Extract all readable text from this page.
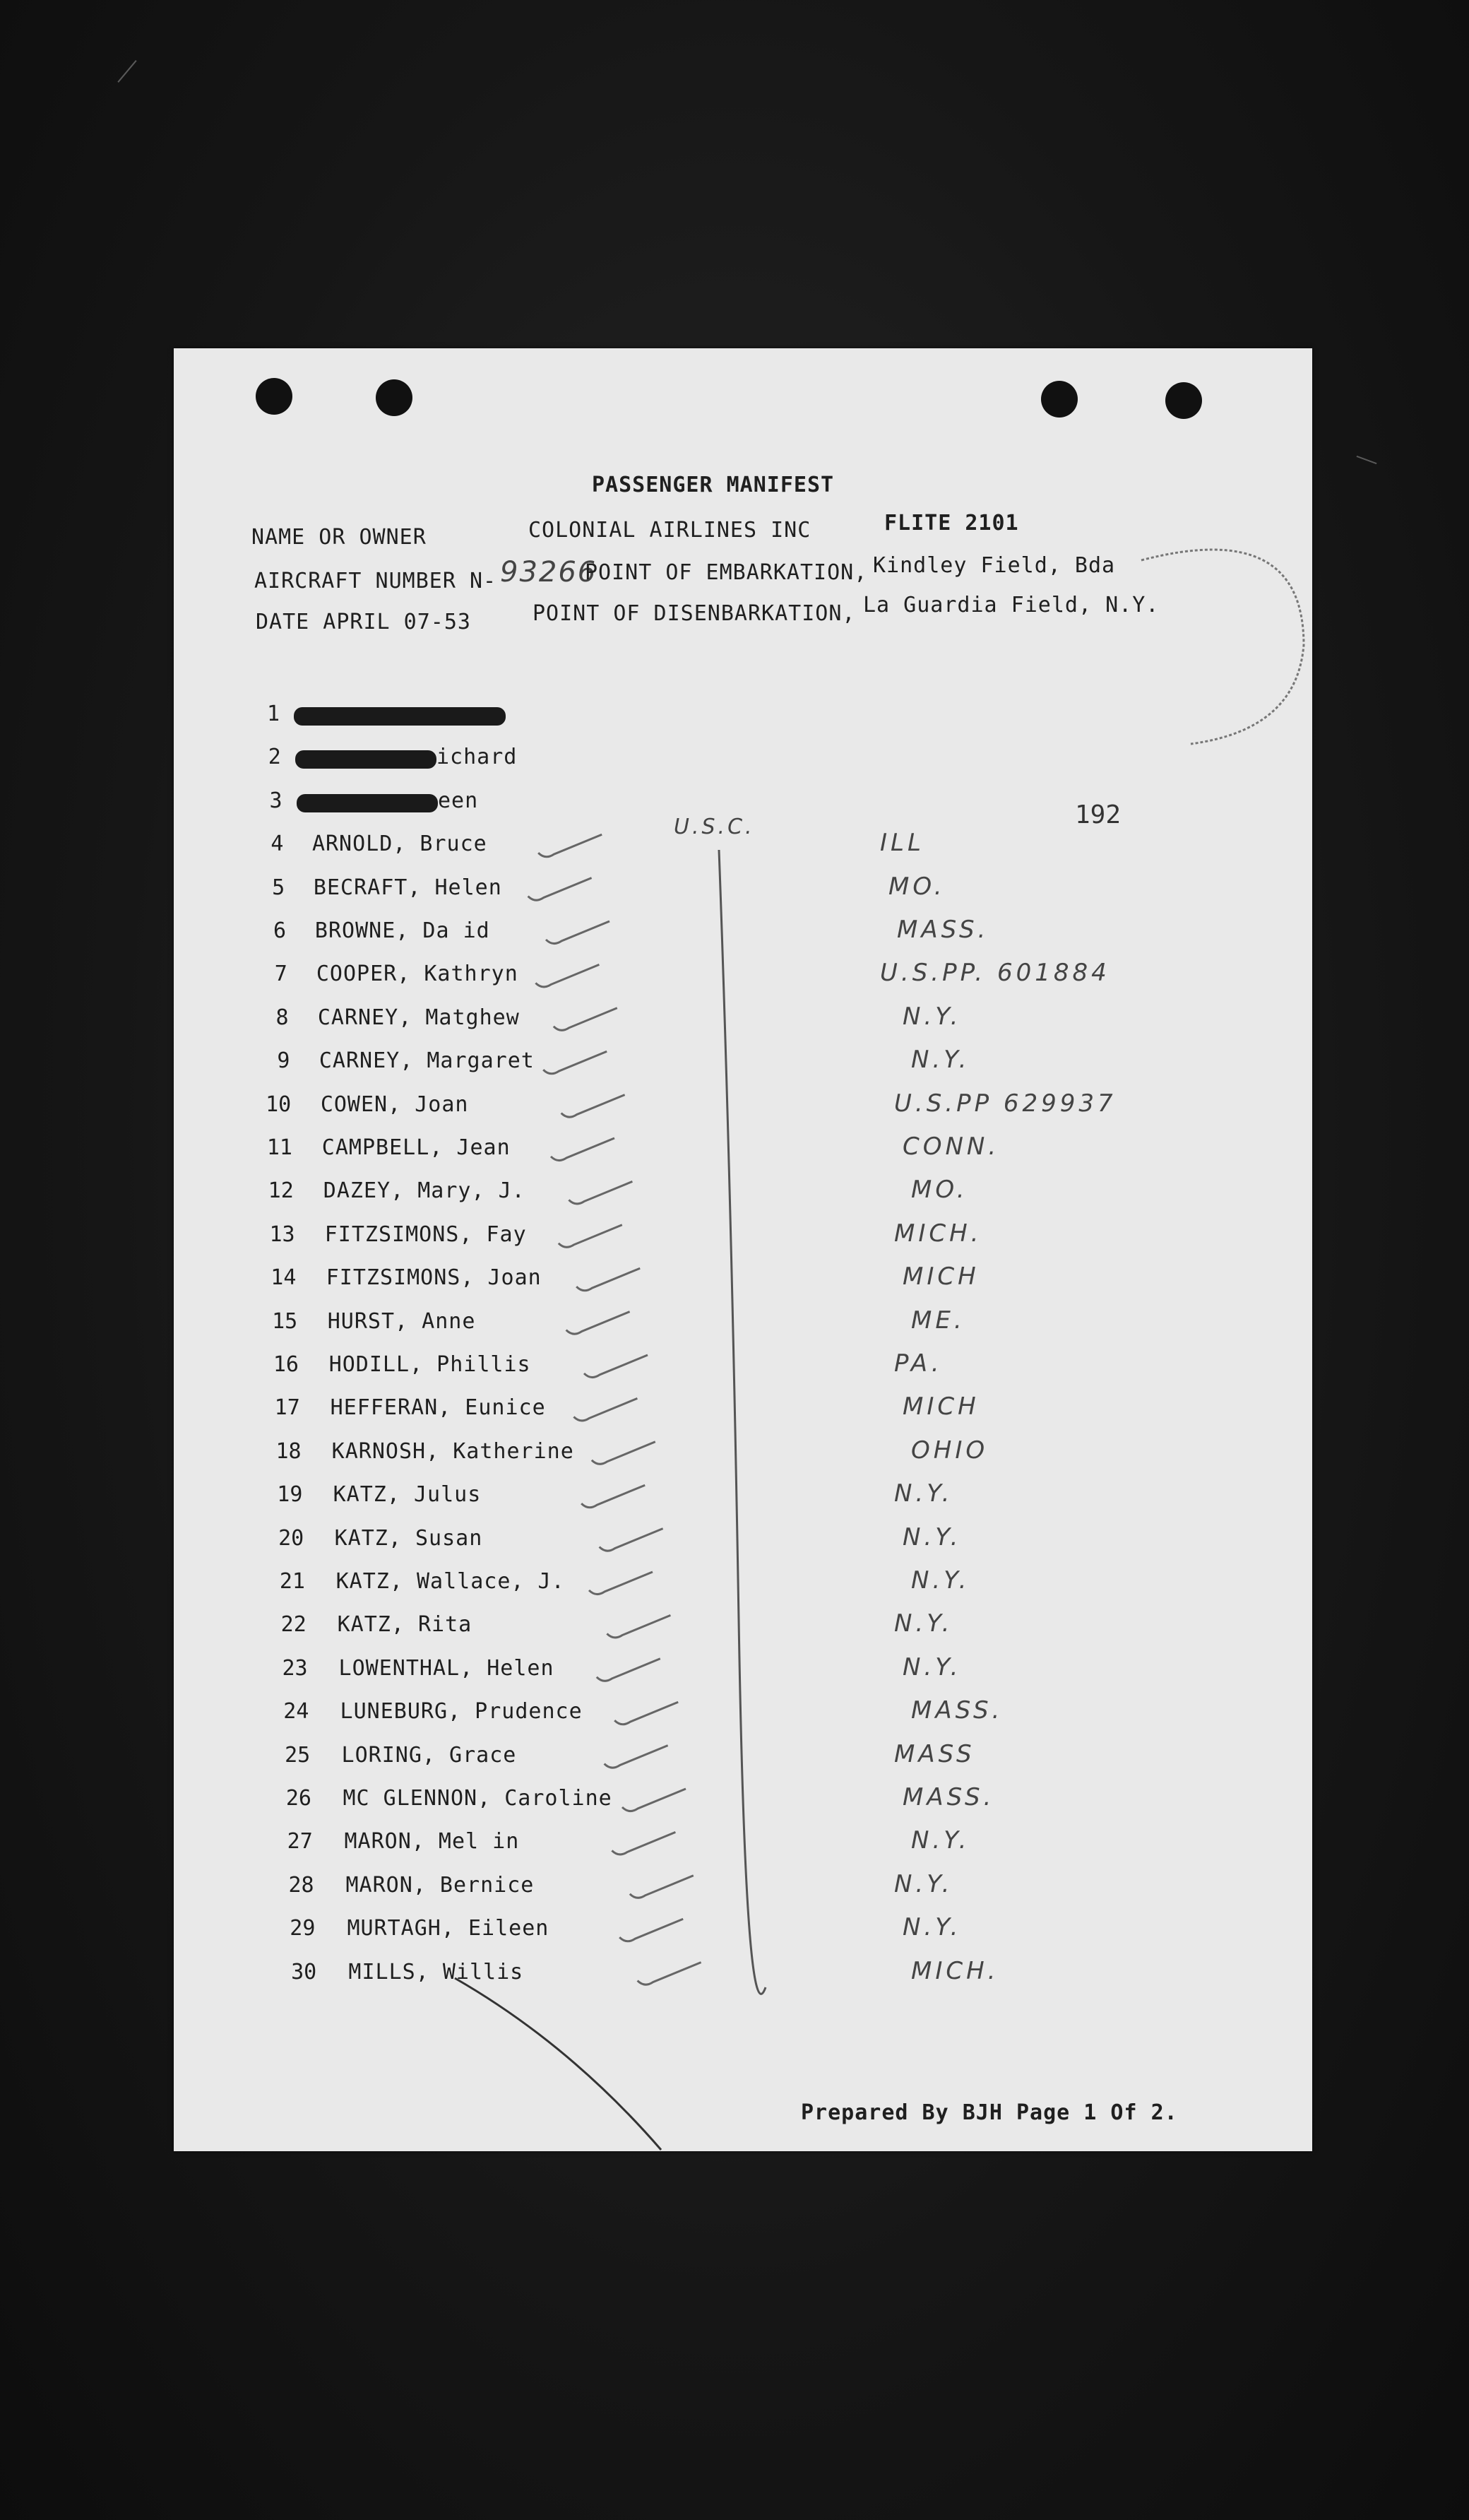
PASSENGER MANIFEST
NAME OR OWNER	COLONIAL AIRLINES INC	FLITE 2101
AIRCRAFT NUMBER N- 93266
POINT OF EMBARKATION, Kindley Field, Bda
DATE APRIL 07-53	POINT OF DISENBARKATION, La Guardia Field, N.Y.
192
U.S.C.
1
2	ichard
3	een
4 ARNOLD, Bruce	ILL
5 BECRAFT, Helen	MO.
6 BROWNE, Da id	MASS.
7 COOPER, Kathryn	U.S.PP. 601884
8 CARNEY, Matghew	N.Y.
9 CARNEY, Margaret	N.Y.
10 COWEN, Joan	U.S.PP 629937
11 CAMPBELL, Jean	CONN.
12 DAZEY, Mary, J.	MO.
13 FITZSIMONS, Fay	MICH.
14 FITZSIMONS, Joan	MICH
15 HURST, Anne	ME.
16 HODILL, Phillis	PA.
17 HEFFERAN, Eunice	MICH
18 KARNOSH, Katherine	OHIO
19 KATZ, Julus	N.Y.
20 KATZ, Susan	N.Y.
21 KATZ, Wallace, J.	N.Y.
22 KATZ, Rita	N.Y.
23 LOWENTHAL, Helen	N.Y.
24 LUNEBURG, Prudence	MASS.
25 LORING, Grace	MASS
26 MC GLENNON, Caroline	MASS.
27 MARON, Mel in	N.Y.
28 MARON, Bernice	N.Y.
29 MURTAGH, Eileen	N.Y.
30 MILLS, Willis	MICH.
Prepared By BJH Page 1 Of 2.
